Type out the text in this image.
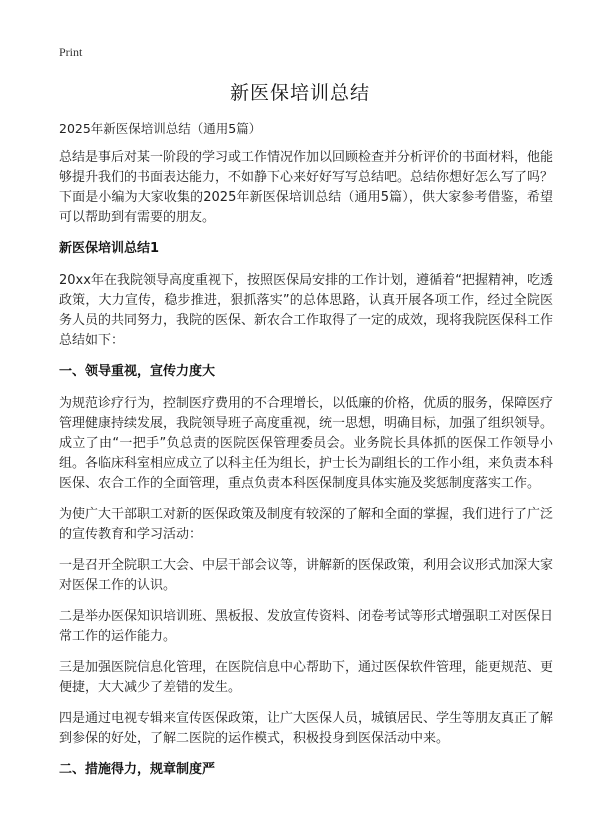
Print
新医保培训总结
2025年新医保培训总结（通用5篇）

总结是事后对某一阶段的学习或工作情况作加以回顾检查并分析评价的书面材料，他能够提升我们的书面表达能力，不如静下心来好好写写总结吧。总结你想好怎么写了吗？下面是小编为大家收集的2025年新医保培训总结（通用5篇），供大家参考借鉴，希望可以帮助到有需要的朋友。

新医保培训总结1

20xx年在我院领导高度重视下，按照医保局安排的工作计划，遵循着“把握精神，吃透政策，大力宣传，稳步推进，狠抓落实”的总体思路，认真开展各项工作，经过全院医务人员的共同努力，我院的医保、新农合工作取得了一定的成效，现将我院医保科工作总结如下：

一、领导重视，宣传力度大

为规范诊疗行为，控制医疗费用的不合理增长，以低廉的价格，优质的服务，保障医疗管理健康持续发展，我院领导班子高度重视，统一思想，明确目标，加强了组织领导。成立了由“一把手”负总责的医院医保管理委员会。业务院长具体抓的医保工作领导小组。各临床科室相应成立了以科主任为组长，护士长为副组长的工作小组，来负责本科医保、农合工作的全面管理，重点负责本科医保制度具体实施及奖惩制度落实工作。

为使广大干部职工对新的医保政策及制度有较深的了解和全面的掌握，我们进行了广泛的宣传教育和学习活动：

一是召开全院职工大会、中层干部会议等，讲解新的医保政策，利用会议形式加深大家对医保工作的认识。

二是举办医保知识培训班、黑板报、发放宣传资料、闭卷考试等形式增强职工对医保日常工作的运作能力。

三是加强医院信息化管理，在医院信息中心帮助下，通过医保软件管理，能更规范、更便捷，大大减少了差错的发生。

四是通过电视专辑来宣传医保政策，让广大医保人员，城镇居民、学生等朋友真正了解到参保的好处，了解二医院的运作模式，积极投身到医保活动中来。

二、措施得力，规章制度严
